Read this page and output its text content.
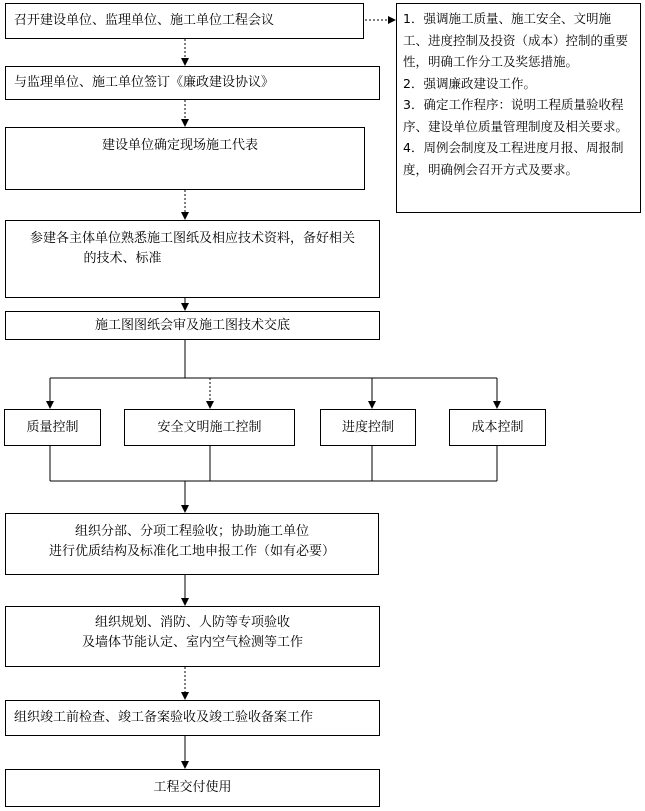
召开建设单位、监理单位、施工单位工程会议	1．强调施工质量、施工安全、文明施工、进度控制及投资（成本）控制的重要性，明确工作分工及奖惩措施。

2．强调廉政建设工作。

3．确定工作程序：说明工程质量验收程序、建设单位质量管理制度及相关要求。

4．周例会制度及工程进度月报、周报制度，明确例会召开方式及要求。

与监理单位、施工单位签订《廉政建设协议》
建设单位确定现场施工代表
参建各主体单位熟悉施工图纸及相应技术资料，备好相关
的技术、标准
施工图图纸会审及施工图技术交底
质量控制	安全文明施工控制	进度控制	成本控制
组织分部、分项工程验收；协助施工单位
进行优质结构及标准化工地申报工作（如有必要）
组织规划、消防、人防等专项验收
及墙体节能认定、室内空气检测等工作
组织竣工前检查、竣工备案验收及竣工验收备案工作
工程交付使用
